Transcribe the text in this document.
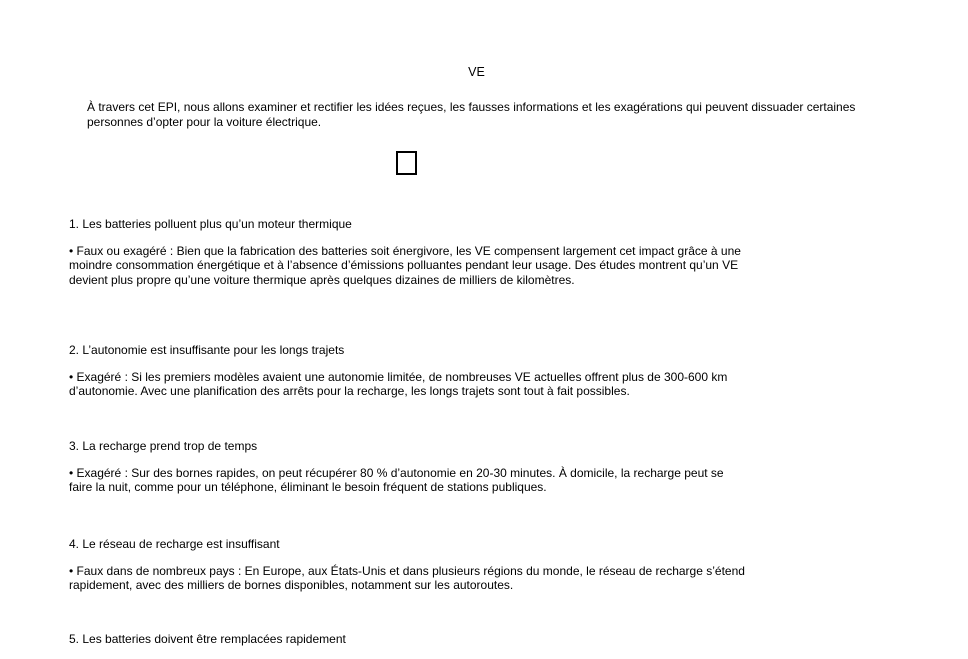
VE
À travers cet EPI, nous allons examiner et rectifier les idées reçues, les fausses informations et les exagérations qui peuvent dissuader certaines personnes d’opter pour la voiture électrique.

1. Les batteries polluent plus qu’un moteur thermique

• Faux ou exagéré : Bien que la fabrication des batteries soit énergivore, les VE compensent largement cet impact grâce à une moindre consommation énergétique et à l’absence d’émissions polluantes pendant leur usage. Des études montrent qu’un VE devient plus propre qu’une voiture thermique après quelques dizaines de milliers de kilomètres.

2. L’autonomie est insuffisante pour les longs trajets

• Exagéré : Si les premiers modèles avaient une autonomie limitée, de nombreuses VE actuelles offrent plus de 300-600 km d’autonomie. Avec une planification des arrêts pour la recharge, les longs trajets sont tout à fait possibles.

3. La recharge prend trop de temps

• Exagéré : Sur des bornes rapides, on peut récupérer 80 % d’autonomie en 20-30 minutes. À domicile, la recharge peut se faire la nuit, comme pour un téléphone, éliminant le besoin fréquent de stations publiques.

4. Le réseau de recharge est insuffisant

• Faux dans de nombreux pays : En Europe, aux États-Unis et dans plusieurs régions du monde, le réseau de recharge s’étend rapidement, avec des milliers de bornes disponibles, notamment sur les autoroutes.

5. Les batteries doivent être remplacées rapidement
